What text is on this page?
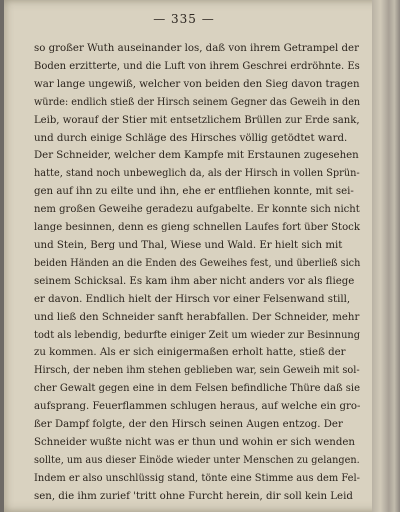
— 335 —
so großer Wuth auseinander los, daß von ihrem Getrampel der
Boden erzitterte, und die Luft von ihrem Geschrei erdröhnte. Es
war lange ungewiß, welcher von beiden den Sieg davon tragen
würde: endlich stieß der Hirsch seinem Gegner das Geweih in den
Leib, worauf der Stier mit entsetzlichem Brüllen zur Erde sank,
und durch einige Schläge des Hirsches völlig getödtet ward.
Der Schneider, welcher dem Kampfe mit Erstaunen zugesehen
hatte, stand noch unbeweglich da, als der Hirsch in vollen Sprün-
gen auf ihn zu eilte und ihn, ehe er entfliehen konnte, mit sei-
nem großen Geweihe geradezu aufgabelte. Er konnte sich nicht
lange besinnen, denn es gieng schnellen Laufes fort über Stock
und Stein, Berg und Thal, Wiese und Wald. Er hielt sich mit
beiden Händen an die Enden des Geweihes fest, und überließ sich
seinem Schicksal. Es kam ihm aber nicht anders vor als fliege
er davon. Endlich hielt der Hirsch vor einer Felsenwand still,
und ließ den Schneider sanft herabfallen. Der Schneider, mehr
todt als lebendig, bedurfte einiger Zeit um wieder zur Besinnung
zu kommen. Als er sich einigermaßen erholt hatte, stieß der
Hirsch, der neben ihm stehen geblieben war, sein Geweih mit sol-
cher Gewalt gegen eine in dem Felsen befindliche Thüre daß sie
aufsprang. Feuerflammen schlugen heraus, auf welche ein gro-
ßer Dampf folgte, der den Hirsch seinen Augen entzog. Der
Schneider wußte nicht was er thun und wohin er sich wenden
sollte, um aus dieser Einöde wieder unter Menschen zu gelangen.
Indem er also unschlüssig stand, tönte eine Stimme aus dem Fel-
sen, die ihm zurief 'tritt ohne Furcht herein, dir soll kein Leid
